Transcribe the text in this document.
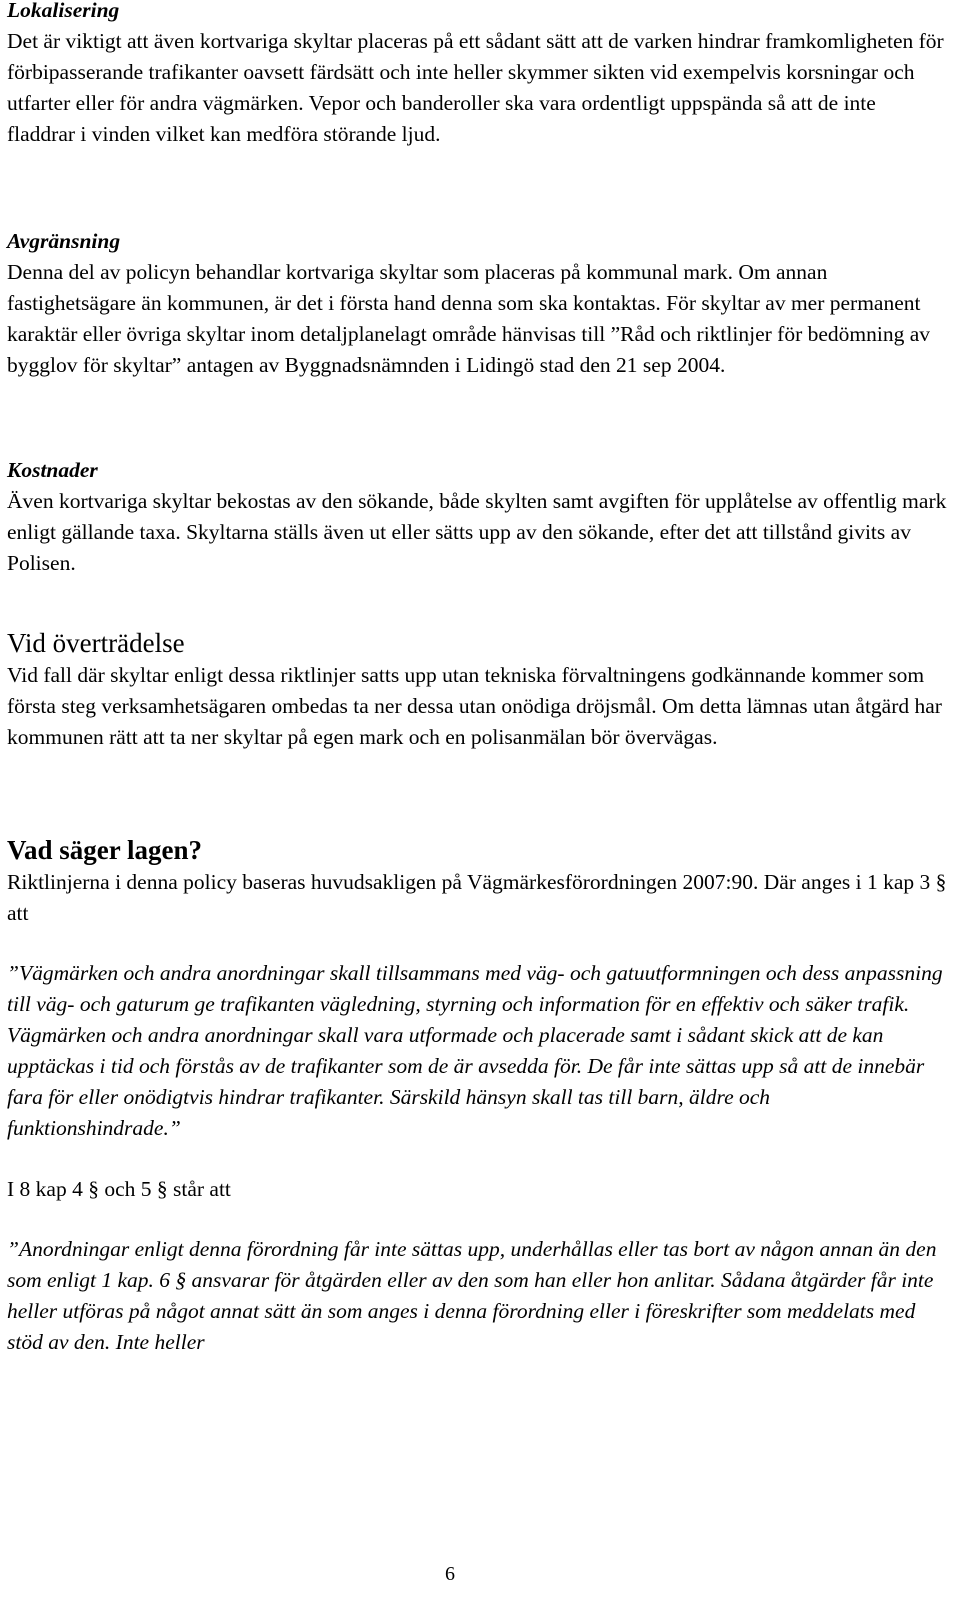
Lokalisering

Det är viktigt att även kortvariga skyltar placeras på ett sådant sätt att de varken hindrar framkomligheten för förbipasserande trafikanter oavsett färdsätt och inte heller skymmer sikten vid exempelvis korsningar och utfarter eller för andra vägmärken. Vepor och banderoller ska vara ordentligt uppspända så att de inte fladdrar i vinden vilket kan medföra störande ljud.

Avgränsning

Denna del av policyn behandlar kortvariga skyltar som placeras på kommunal mark. Om annan fastighetsägare än kommunen, är det i första hand denna som ska kontaktas. För skyltar av mer permanent karaktär eller övriga skyltar inom detaljplanelagt område hänvisas till ”Råd och riktlinjer för bedömning av bygglov för skyltar” antagen av Byggnadsnämnden i Lidingö stad den 21 sep 2004.

Kostnader

Även kortvariga skyltar bekostas av den sökande, både skylten samt avgiften för upplåtelse av offentlig mark enligt gällande taxa. Skyltarna ställs även ut eller sätts upp av den sökande, efter det att tillstånd givits av Polisen.

Vid överträdelse

Vid fall där skyltar enligt dessa riktlinjer satts upp utan tekniska förvaltningens godkännande kommer som första steg verksamhetsägaren ombedas ta ner dessa utan onödiga dröjsmål. Om detta lämnas utan åtgärd har kommunen rätt att ta ner skyltar på egen mark och en polisanmälan bör övervägas.

Vad säger lagen?

Riktlinjerna i denna policy baseras huvudsakligen på Vägmärkesförordningen 2007:90. Där anges i 1 kap 3 § att

”Vägmärken och andra anordningar skall tillsammans med väg- och gatuutformningen och dess anpassning till väg- och gaturum ge trafikanten vägledning, styrning och information för en effektiv och säker trafik. Vägmärken och andra anordningar skall vara utformade och placerade samt i sådant skick att de kan upptäckas i tid och förstås av de trafikanter som de är avsedda för. De får inte sättas upp så att de innebär fara för eller onödigtvis hindrar trafikanter. Särskild hänsyn skall tas till barn, äldre och funktionshindrade.”

I 8 kap 4 § och 5 § står att

”Anordningar enligt denna förordning får inte sättas upp, underhållas eller tas bort av någon annan än den som enligt 1 kap. 6 § ansvarar för åtgärden eller av den som han eller hon anlitar. Sådana åtgärder får inte heller utföras på något annat sätt än som anges i denna förordning eller i föreskrifter som meddelats med stöd av den. Inte heller

6
